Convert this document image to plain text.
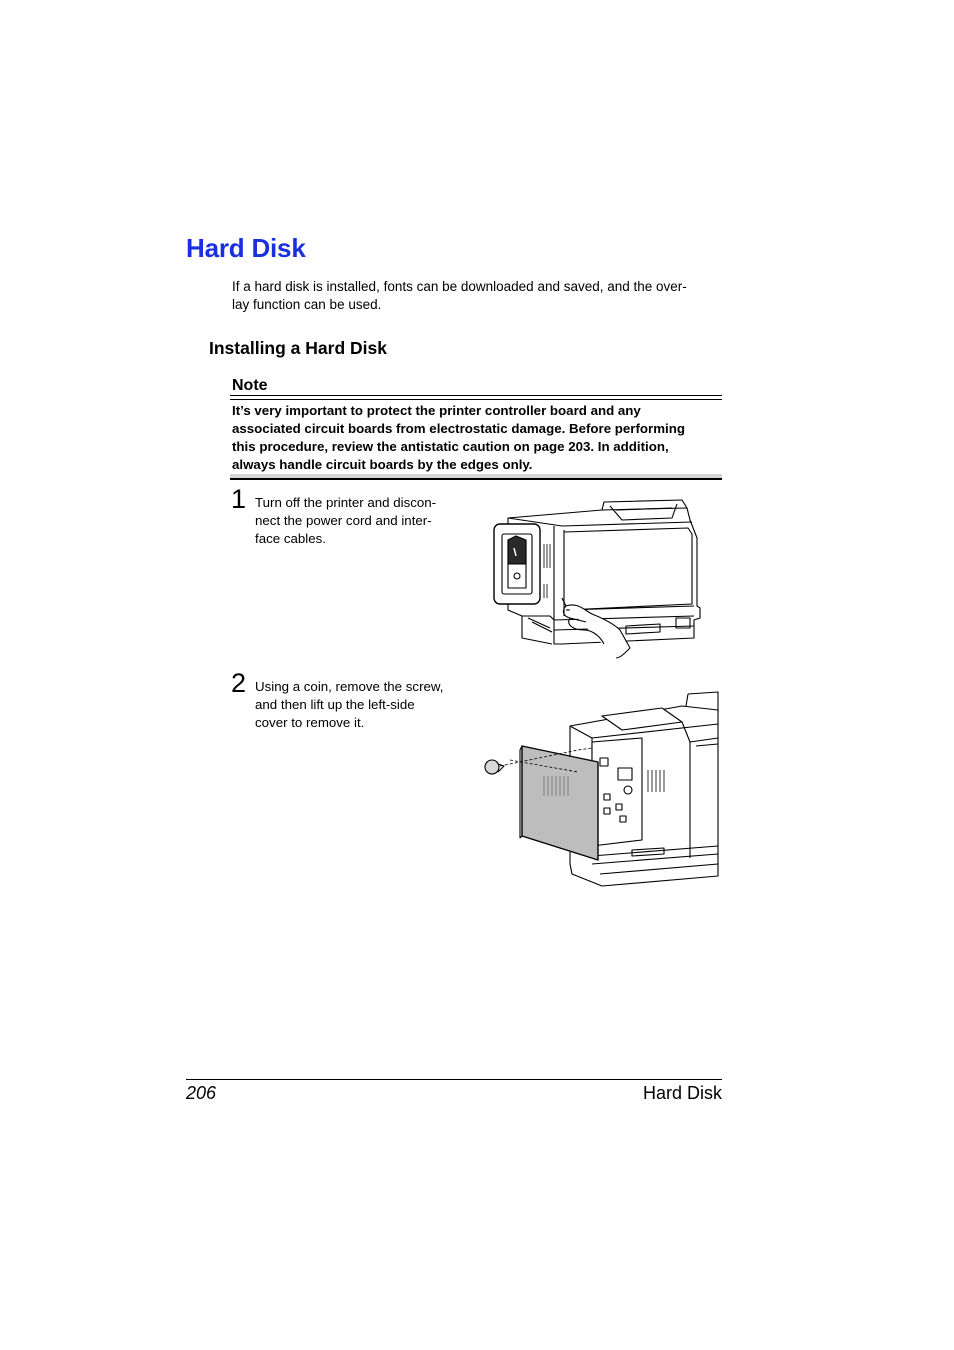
Hard Disk

If a hard disk is installed, fonts can be downloaded and saved, and the over-
lay function can be used.

Installing a Hard Disk
Note

It’s very important to protect the printer controller board and any
associated circuit boards from electrostatic damage. Before performing
this procedure, review the antistatic caution on page 203. In addition,
always handle circuit boards by the edges only.

1 Turn off the printer and discon-
nect the power cord and inter-
face cables.

2 Using a coin, remove the screw,
and then lift up the left-side
cover to remove it.

206	Hard Disk
